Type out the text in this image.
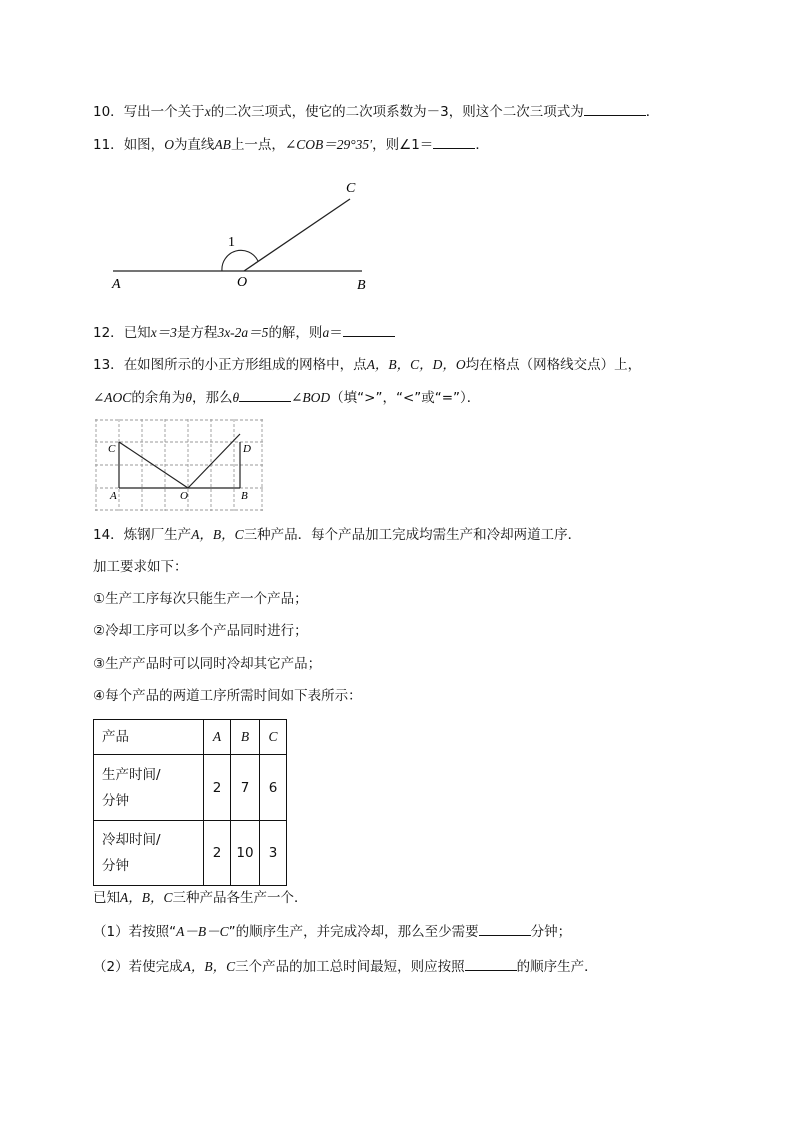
10．写出一个关于x的二次三项式，使它的二次项系数为－3，则这个二次三项式为	．
11．如图，O为直线AB上一点，∠COB＝29°35′，则∠1＝	．
1
A	O	B
C
12．已知x＝3是方程3x-2a＝5的解，则a＝
13．在如图所示的小正方形组成的网格中，点A，B，C，D，O均在格点（网格线交点）上，
∠AOC的余角为θ，那么θ	∠BOD（填“>”，“<”或“=”）．
C	D
A	O	B
14．炼钢厂生产A，B，C三种产品．每个产品加工完成均需生产和冷却两道工序．
加工要求如下：
①生产工序每次只能生产一个产品；
②冷却工序可以多个产品同时进行；
③生产产品时可以同时冷却其它产品；
④每个产品的两道工序所需时间如下表所示：
产品	A	B	C

生产时间/
分钟	2	7	6

冷却时间/
分钟	2	10	3
已知A，B，C三种产品各生产一个．
（1）若按照“A－B－C”的顺序生产，并完成冷却，那么至少需要	分钟；
（2）若使完成A，B，C三个产品的加工总时间最短，则应按照	的顺序生产．
